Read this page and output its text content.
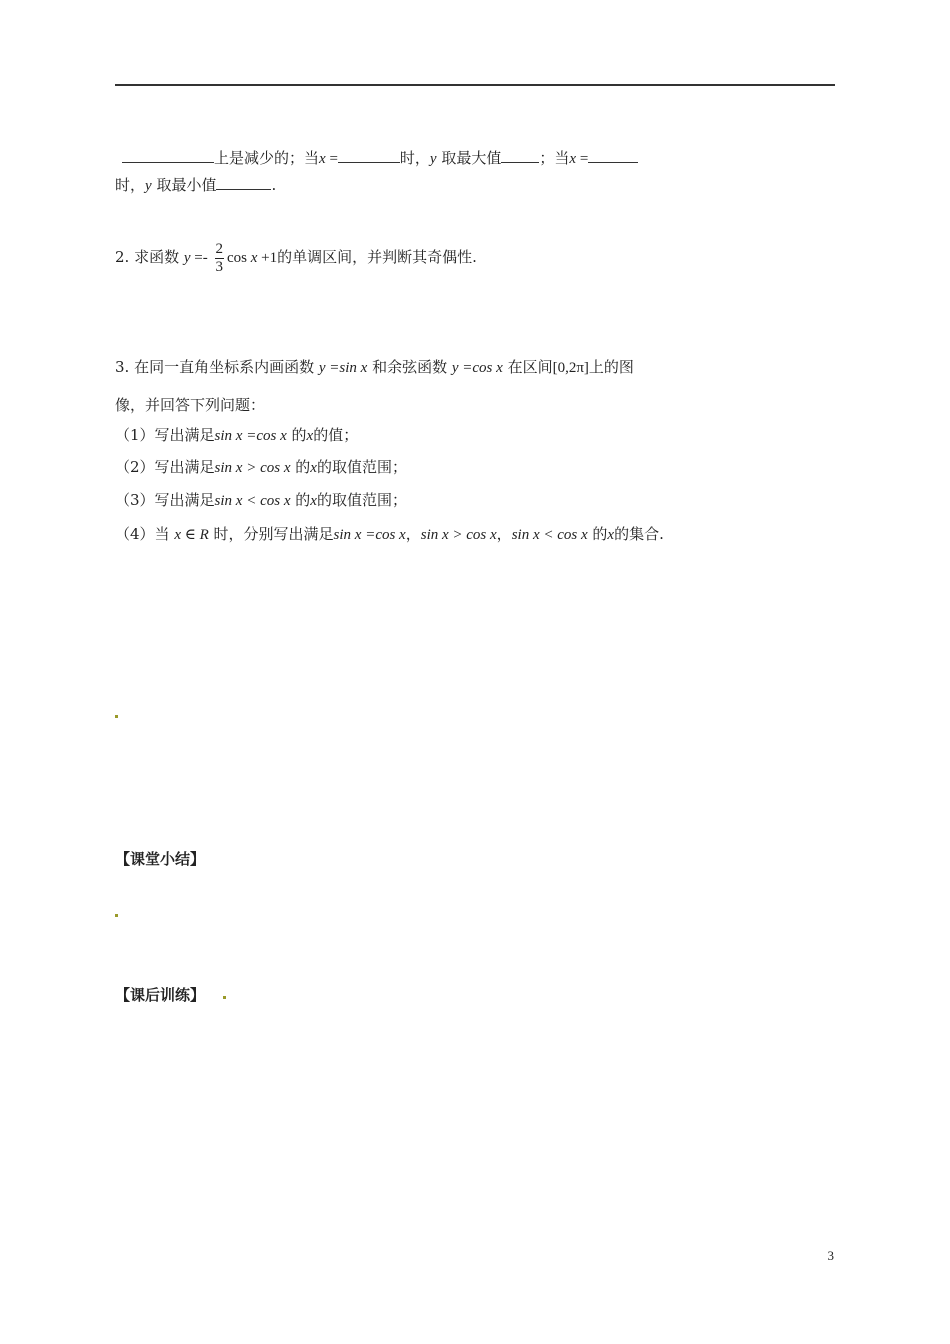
上是减少的；当x =	时，y 取最大值	；当x =
时，y 取最小值	.
2. 求函数 $y =- \frac{2}{3}$ cos x +1的单调区间，并判断其奇偶性.
3. 在同一直角坐标系内画函数 y =sin x 和余弦函数 y =cos x 在区间[0,2π]上的图
像，并回答下列问题：
（1）写出满足sin x =cos x 的x的值；
（2）写出满足sin x > cos x 的x的取值范围；
（3）写出满足sin x < cos x 的x的取值范围；
（4）当 x ∈ R 时，分别写出满足sin x =cos x，sin x > cos x，sin x < cos x 的x的集合.
【课堂小结】
【课后训练】
3
